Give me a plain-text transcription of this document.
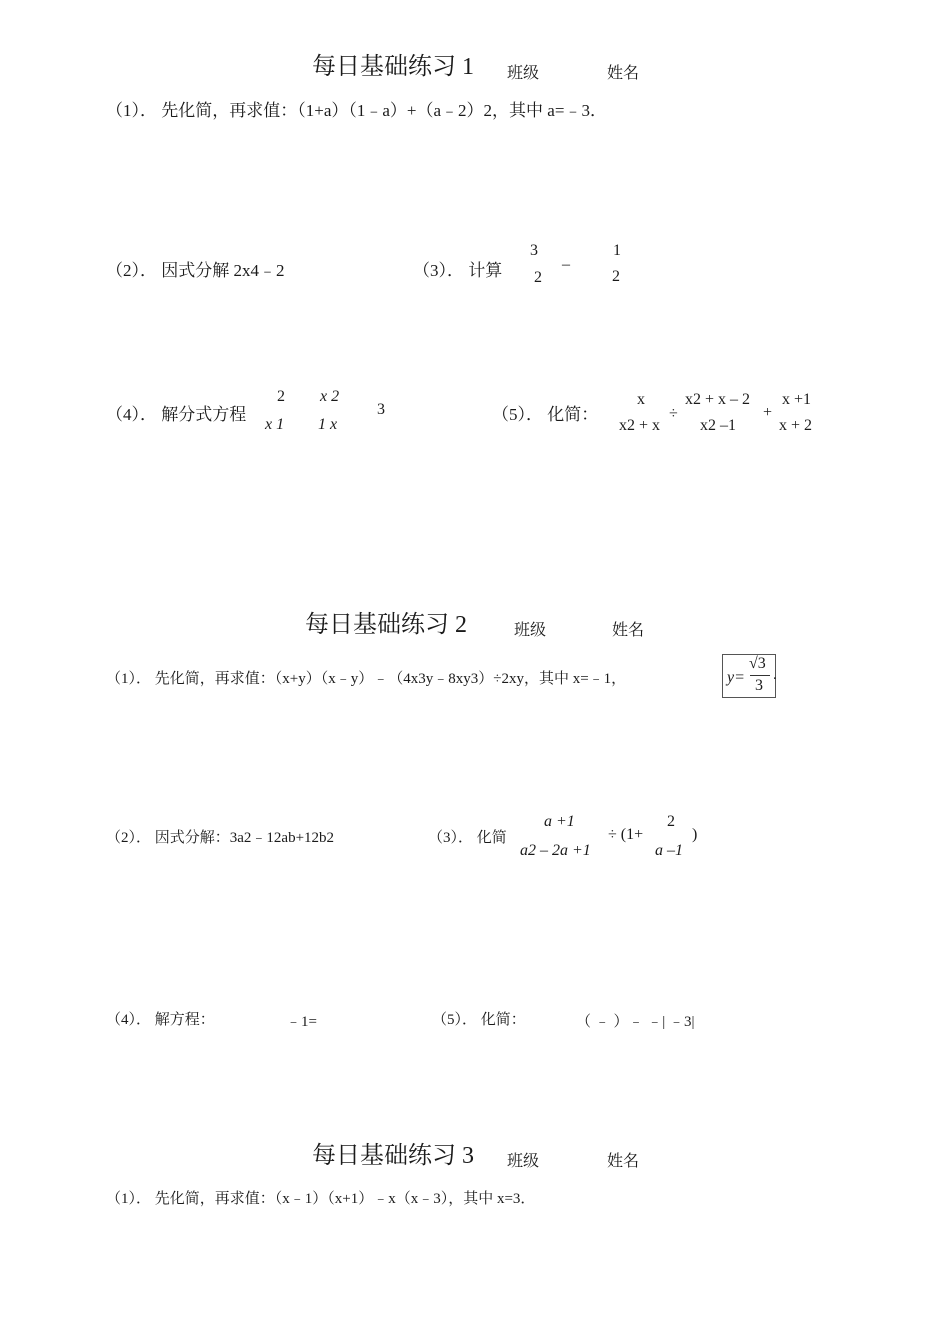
每日基础练习 1 班级	姓名
（1）． 先化简，再求值：（1+a）（1﹣a）+（a﹣2）2，其中 a=﹣3．
（2）． 因式分解 2x4﹣2	（3）． 计算
3
2
–
1
2
（4）． 解分式方程
2
x 1
x 2
1 x
3	（5）． 化简：
x
x2 + x
÷
x2 + x – 2
x2 –1
+
x +1
x + 2
每日基础练习 2	班级	姓名
（1）． 先化简，再求值：（x+y）（x﹣y）﹣（4x3y﹣8xy3）÷2xy，其中 x=﹣1，	y=
√3
3
.
（2）． 因式分解：3a2﹣12ab+12b2	（3）． 化简
a +1
a2 – 2a +1
÷ (1+
2
a –1
)
（4）． 解方程：	﹣1=	（5）． 化简：	（ ﹣ ）﹣ ﹣| ﹣3|
每日基础练习 3 班级	姓名
（1）． 先化简，再求值：（x﹣1）（x+1）﹣x（x﹣3），其中 x=3．
